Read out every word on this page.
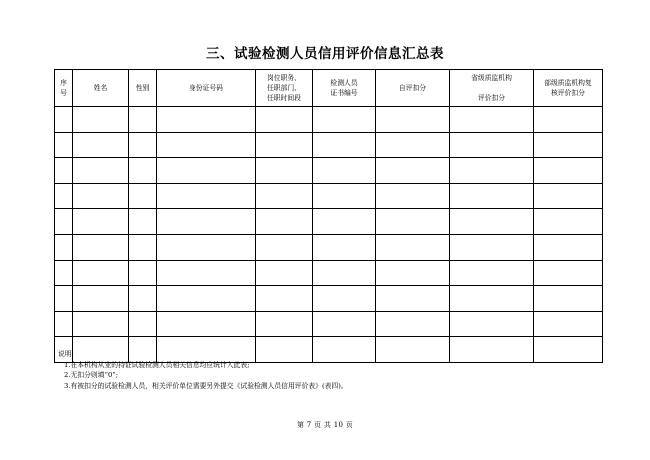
三、试验检测人员信用评价信息汇总表
序
号	姓名	性别	身份证号码	岗位职务、
任职部门、
任职时间段	检测人员
证书编号	自评扣分	省级质监机构

评价扣分	部级质监机构复
核评价扣分

说明:
1.在本机构从业的持证试验检测人员相关信息均应统计入此表;
2.无扣分则填“0”;
3.有被扣分的试验检测人员，相关评价单位需要另外提交《试验检测人员信用评价表》(表四)。
第 7 页 共 10 页
